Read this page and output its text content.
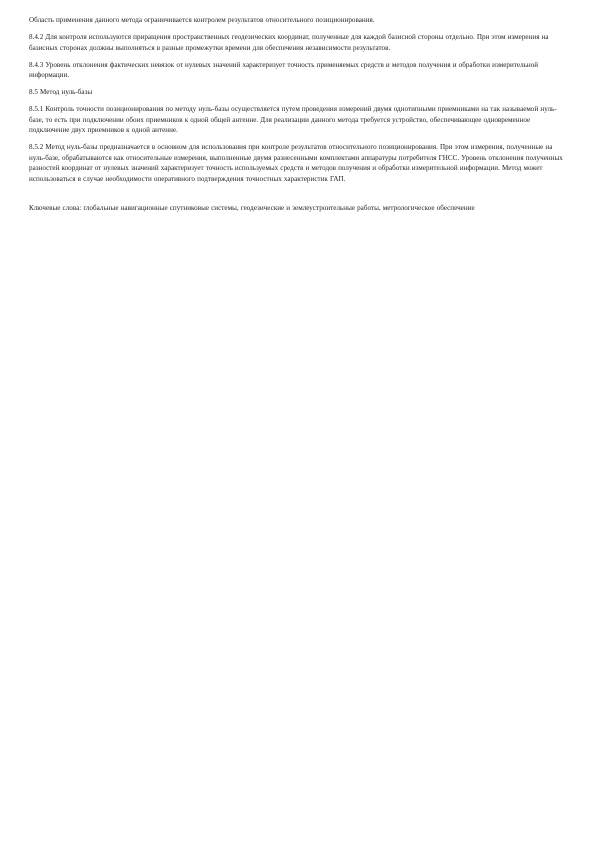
Область применения данного метода ограничивается контролем результатов относительного позиционирования.

8.4.2 Для контроля используются приращения пространственных геодезических координат, полученные для каждой базисной стороны отдельно. При этом измерения на базисных сторонах должны выполняться в разные промежутки времени для обеспечения независимости результатов.

8.4.3 Уровень отклонения фактических невязок от нулевых значений характеризует точность применяемых средств и методов получения и обработки измерительной информации.

8.5 Метод нуль-базы

8.5.1 Контроль точности позиционирования по методу нуль-базы осуществляется путем проведения измерений двумя однотипными приемниками на так называемой нуль-базе, то есть при подключении обоих приемников к одной общей антенне. Для реализации данного метода требуется устройство, обеспечивающее одновременное подключение двух приемников к одной антенне.

8.5.2 Метод нуль-базы предназначается в основном для использования при контроле результатов относительного позиционирования. При этом измерения, полученные на нуль-базе, обрабатываются как относительные измерения, выполненные двумя разнесенными комплектами аппаратуры потребителя ГНСС. Уровень отклонения полученных разностей координат от нулевых значений характеризует точность используемых средств и методов получения и обработки измерительной информации. Метод может использоваться в случае необходимости оперативного подтверждения точностных характеристик ГАП.

Ключевые слова: глобальные навигационные спутниковые системы, геодезические и землеустроительные работы, метрологическое обеспечение
